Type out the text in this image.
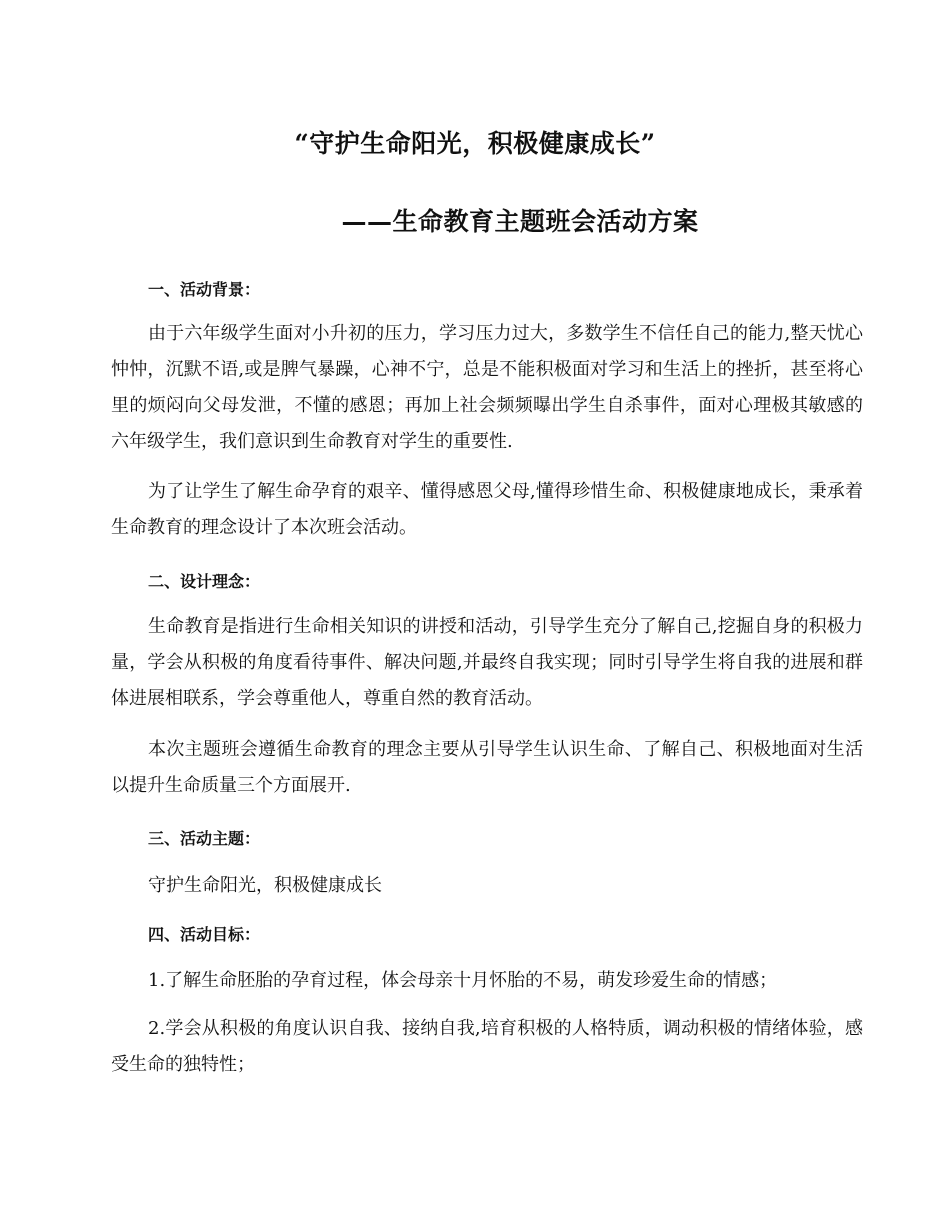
“守护生命阳光，积极健康成长”
——生命教育主题班会活动方案
一、活动背景：
由于六年级学生面对小升初的压力，学习压力过大，多数学生不信任自己的能力,整天忧心忡忡，沉默不语,或是脾气暴躁，心神不宁，总是不能积极面对学习和生活上的挫折，甚至将心里的烦闷向父母发泄，不懂的感恩；再加上社会频频曝出学生自杀事件，面对心理极其敏感的六年级学生，我们意识到生命教育对学生的重要性.
为了让学生了解生命孕育的艰辛、懂得感恩父母,懂得珍惜生命、积极健康地成长，秉承着生命教育的理念设计了本次班会活动。
二、设计理念：
生命教育是指进行生命相关知识的讲授和活动，引导学生充分了解自己,挖掘自身的积极力量，学会从积极的角度看待事件、解决问题,并最终自我实现；同时引导学生将自我的进展和群体进展相联系，学会尊重他人，尊重自然的教育活动。
本次主题班会遵循生命教育的理念主要从引导学生认识生命、了解自己、积极地面对生活以提升生命质量三个方面展开.
三、活动主题：
守护生命阳光，积极健康成长
四、活动目标：
1.了解生命胚胎的孕育过程，体会母亲十月怀胎的不易，萌发珍爱生命的情感；
2.学会从积极的角度认识自我、接纳自我,培育积极的人格特质，调动积极的情绪体验，感受生命的独特性；
